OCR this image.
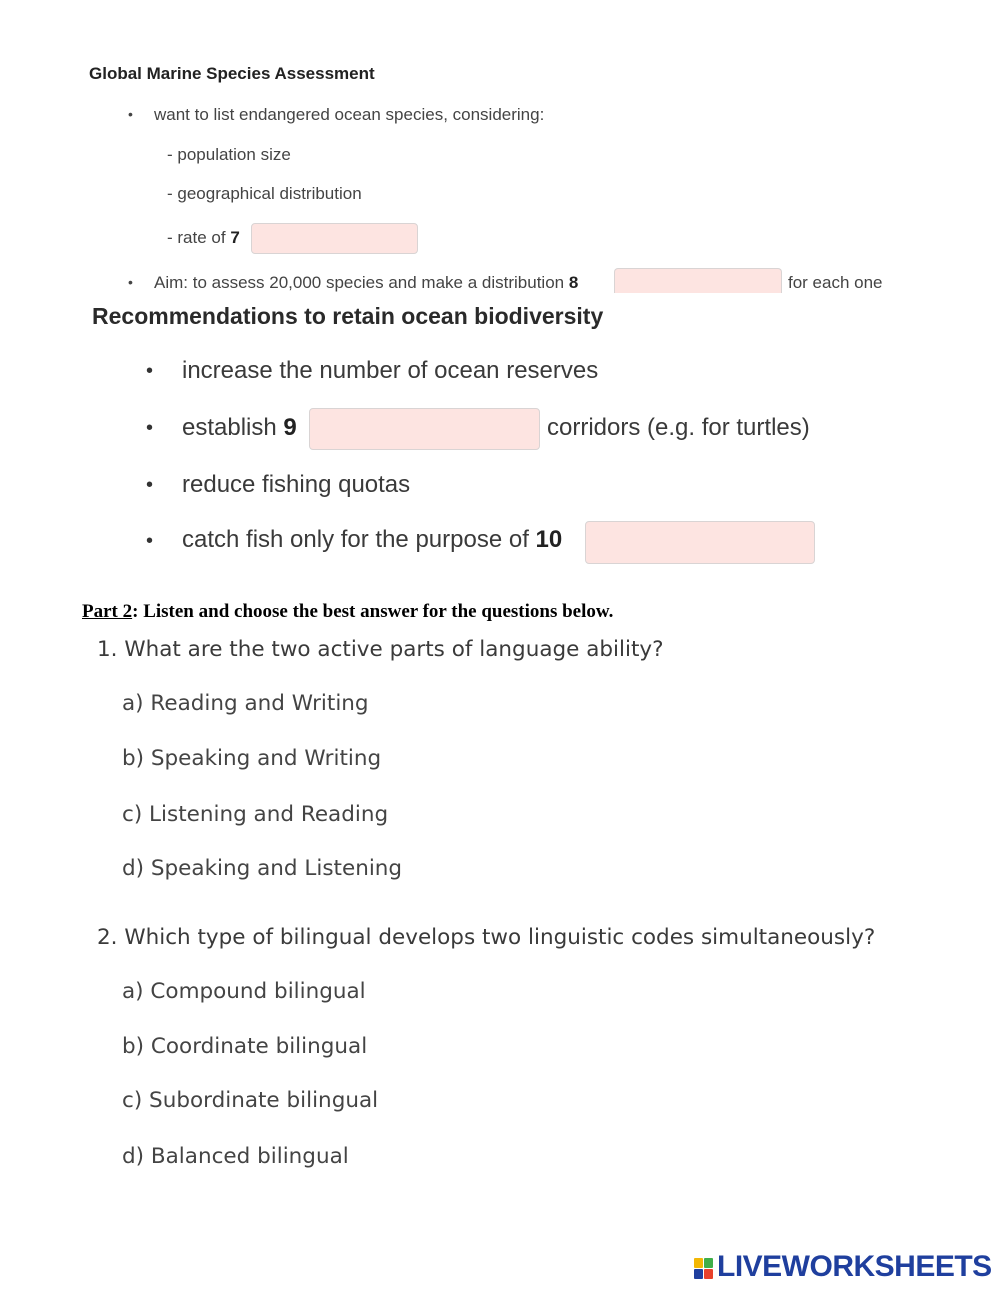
Global Marine Species Assessment
• want to list endangered ocean species, considering:
- population size
- geographical distribution
- rate of 7
• Aim: to assess 20,000 species and make a distribution 8	for each one
Recommendations to retain ocean biodiversity
• increase the number of ocean reserves
• establish 9	corridors (e.g. for turtles)
• reduce fishing quotas
• catch fish only for the purpose of 10
Part 2: Listen and choose the best answer for the questions below.
1. What are the two active parts of language ability?
a) Reading and Writing
b) Speaking and Writing
c) Listening and Reading
d) Speaking and Listening
2. Which type of bilingual develops two linguistic codes simultaneously?
a) Compound bilingual
b) Coordinate bilingual
c) Subordinate bilingual
d) Balanced bilingual
LIVEWORKSHEETS
